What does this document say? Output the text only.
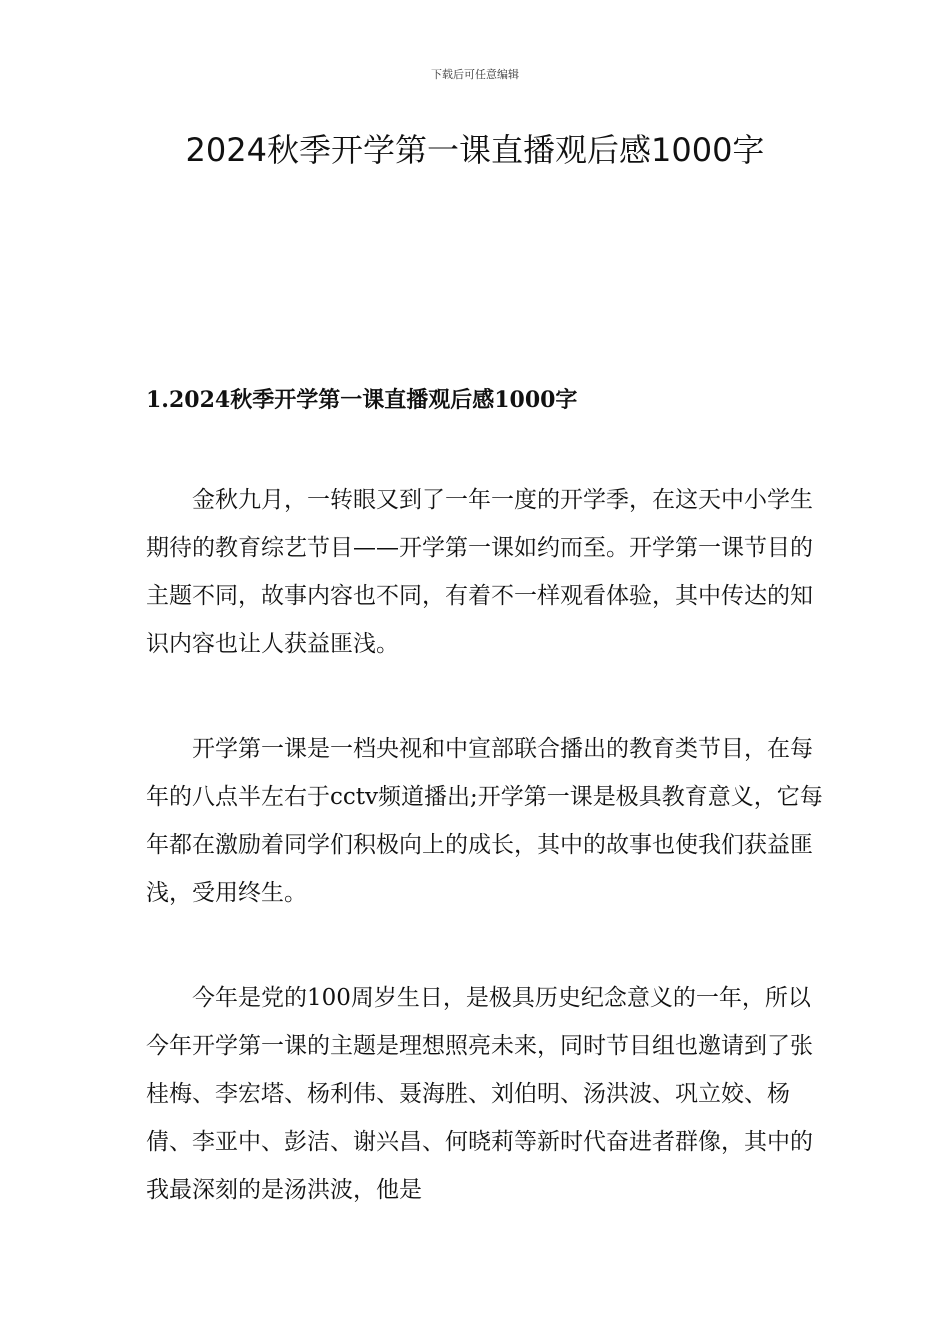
下载后可任意编辑
2024秋季开学第一课直播观后感1000字
1.2024秋季开学第一课直播观后感1000字

金秋九月，一转眼又到了一年一度的开学季，在这天中小学生期待的教育综艺节目——开学第一课如约而至。开学第一课节目的主题不同，故事内容也不同，有着不一样观看体验，其中传达的知识内容也让人获益匪浅。

开学第一课是一档央视和中宣部联合播出的教育类节目，在每年的八点半左右于cctv频道播出;开学第一课是极具教育意义，它每年都在激励着同学们积极向上的成长，其中的故事也使我们获益匪浅，受用终生。

今年是党的100周岁生日，是极具历史纪念意义的一年，所以今年开学第一课的主题是理想照亮未来，同时节目组也邀请到了张桂梅、李宏塔、杨利伟、聂海胜、刘伯明、汤洪波、巩立姣、杨倩、李亚中、彭洁、谢兴昌、何晓莉等新时代奋进者群像，其中的我最深刻的是汤洪波，他是
